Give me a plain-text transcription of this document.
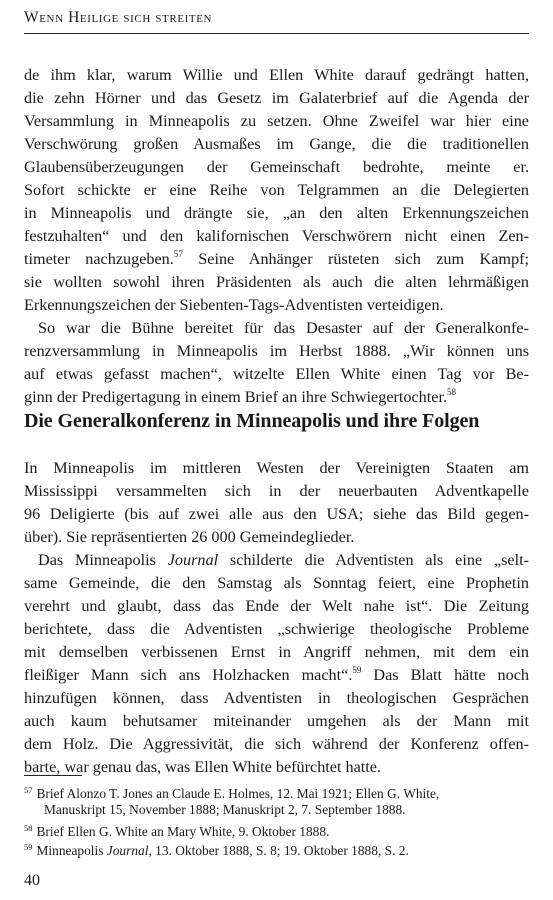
Wenn Heilige sich streiten
de ihm klar, warum Willie und Ellen White darauf gedrängt hatten,
die zehn Hörner und das Gesetz im Galaterbrief auf die Agenda der
Versammlung in Minneapolis zu setzen. Ohne Zweifel war hier eine
Verschwörung großen Ausmaßes im Gange, die die traditionellen
Glaubensüberzeugungen der Gemeinschaft bedrohte, meinte er.
Sofort schickte er eine Reihe von Telgrammen an die Delegierten
in Minneapolis und drängte sie, „an den alten Erkennungszeichen
festzuhalten“ und den kalifornischen Verschwörern nicht einen Zen-
timeter nachzugeben.$^{57}$ Seine Anhänger rüsteten sich zum Kampf;
sie wollten sowohl ihren Präsidenten als auch die alten lehrmäßigen
Erkennungszeichen der Siebenten-Tags-Adventisten verteidigen.
So war die Bühne bereitet für das Desaster auf der Generalkonfe-
renzversammlung in Minneapolis im Herbst 1888. „Wir können uns
auf etwas gefasst machen“, witzelte Ellen White einen Tag vor Be-
ginn der Predigertagung in einem Brief an ihre Schwiegertochter.$^{58}$
Die Generalkonferenz in Minneapolis und ihre Folgen
In Minneapolis im mittleren Westen der Vereinigten Staaten am
Mississippi versammelten sich in der neuerbauten Adventkapelle
96 Deligierte (bis auf zwei alle aus den USA; siehe das Bild gegen-
über). Sie repräsentierten 26 000 Gemeindeglieder.
Das Minneapolis Journal schilderte die Adventisten als eine „selt-
same Gemeinde, die den Samstag als Sonntag feiert, eine Prophetin
verehrt und glaubt, dass das Ende der Welt nahe ist“. Die Zeitung
berichtete, dass die Adventisten „schwierige theologische Probleme
mit demselben verbissenen Ernst in Angriff nehmen, mit dem ein
fleißiger Mann sich ans Holzhacken macht“.$^{59}$ Das Blatt hätte noch
hinzufügen können, dass Adventisten in theologischen Gesprächen
auch kaum behutsamer miteinander umgehen als der Mann mit
dem Holz. Die Aggressivität, die sich während der Konferenz offen-
barte, war genau das, was Ellen White befürchtet hatte.
$^{57}$ Brief Alonzo T. Jones an Claude E. Holmes, 12. Mai 1921; Ellen G. White,
Manuskript 15, November 1888; Manuskript 2, 7. September 1888.
$^{58}$ Brief Ellen G. White an Mary White, 9. Oktober 1888.
$^{59}$ Minneapolis Journal, 13. Oktober 1888, S. 8; 19. Oktober 1888, S. 2.
40
